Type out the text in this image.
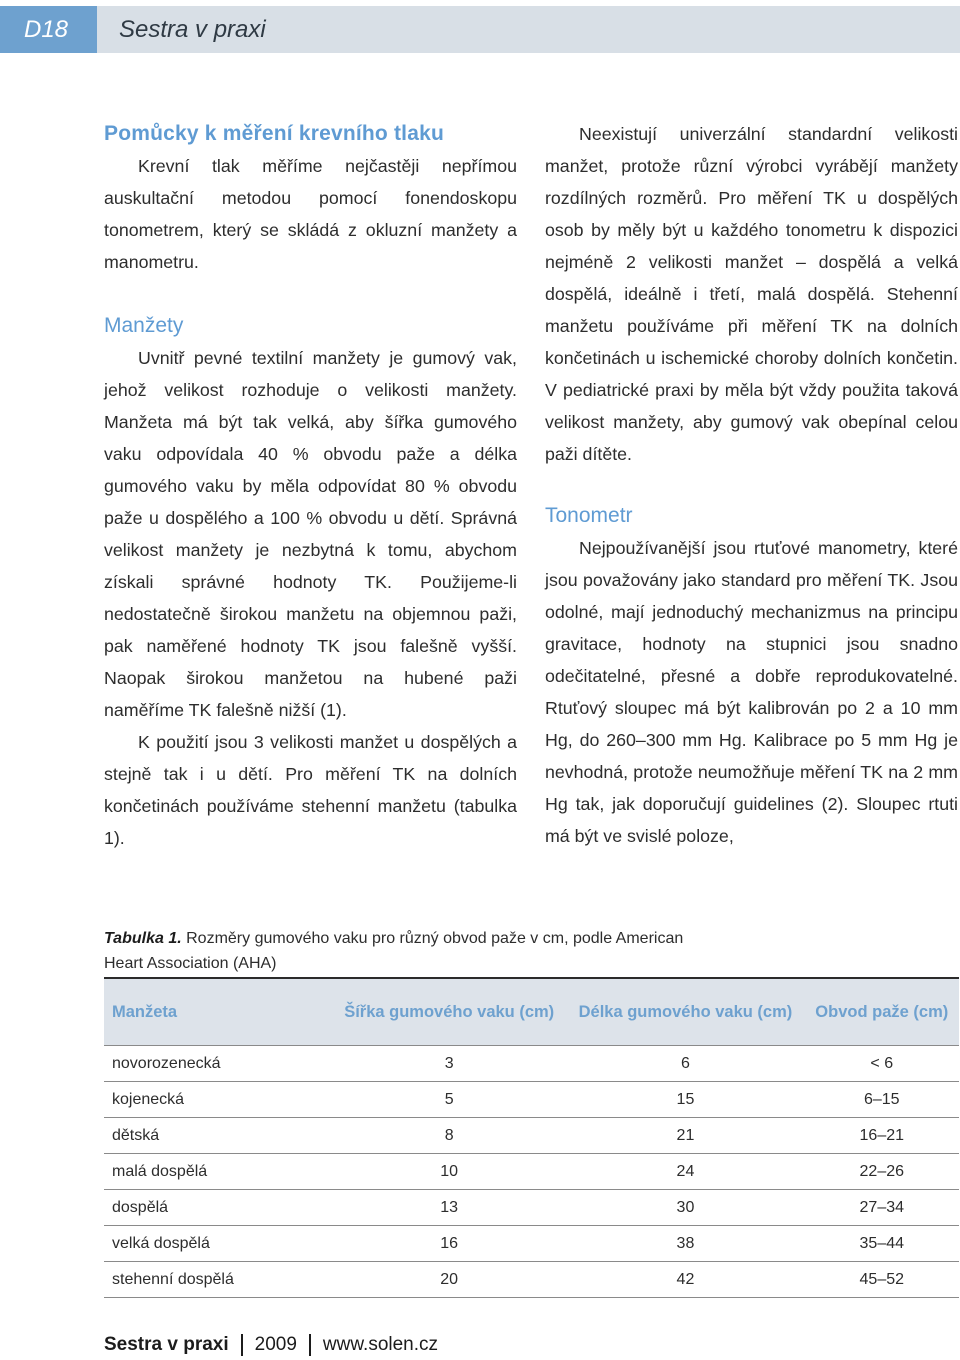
D18	Sestra v praxi
Pomůcky k měření krevního tlaku

Krevní tlak měříme nejčastěji nepřímou auskultační metodou pomocí fonendoskopu tonometrem, který se skládá z okluzní manžety a manometru.

Manžety

Uvnitř pevné textilní manžety je gumový vak, jehož velikost rozhoduje o velikosti manžety. Manžeta má být tak velká, aby šířka gumového vaku odpovídala 40 % obvodu paže a délka gumového vaku by měla odpovídat 80 % obvodu paže u dospělého a 100 % obvodu u dětí. Správná velikost manžety je nezbytná k tomu, abychom získali správné hodnoty TK. Použijeme-li nedostatečně širokou manžetu na objemnou paži, pak naměřené hodnoty TK jsou falešně vyšší. Naopak širokou manžetou na hubené paži naměříme TK falešně nižší (1).

K použití jsou 3 velikosti manžet u dospělých a stejně tak i u dětí. Pro měření TK na dolních končetinách používáme stehenní manžetu (tabulka 1).

Neexistují univerzální standardní velikosti manžet, protože různí výrobci vyrábějí manžety rozdílných rozměrů. Pro měření TK u dospělých osob by měly být u každého tonometru k dispozici nejméně 2 velikosti manžet – dospělá a velká dospělá, ideálně i třetí, malá dospělá. Stehenní manžetu používáme při měření TK na dolních končetinách u ischemické choroby dolních končetin. V pediatrické praxi by měla být vždy použita taková velikost manžety, aby gumový vak obepínal celou paži dítěte.

Tonometr

Nejpoužívanější jsou rtuťové manometry, které jsou považovány jako standard pro měření TK. Jsou odolné, mají jednoduchý mechanizmus na principu gravitace, hodnoty na stupnici jsou snadno odečitatelné, přesné a dobře reprodukovatelné. Rtuťový sloupec má být kalibrován po 2 a 10 mm Hg, do 260–300 mm Hg. Kalibrace po 5 mm Hg je nevhodná, protože neumožňuje měření TK na 2 mm Hg tak, jak doporučují guidelines (2). Sloupec rtuti má být ve svislé poloze,

Tabulka 1. Rozměry gumového vaku pro různý obvod paže v cm, podle American Heart Association (AHA)
Manžeta	Šířka gumového vaku (cm)	Délka gumového vaku (cm)	Obvod paže (cm)
novorozenecká	3	6	< 6
kojenecká	5	15	6–15
dětská	8	21	16–21
malá dospělá	10	24	22–26
dospělá	13	30	27–34
velká dospělá	16	38	35–44
stehenní dospělá	20	42	45–52
Sestra v praxi 2009 www.solen.cz
